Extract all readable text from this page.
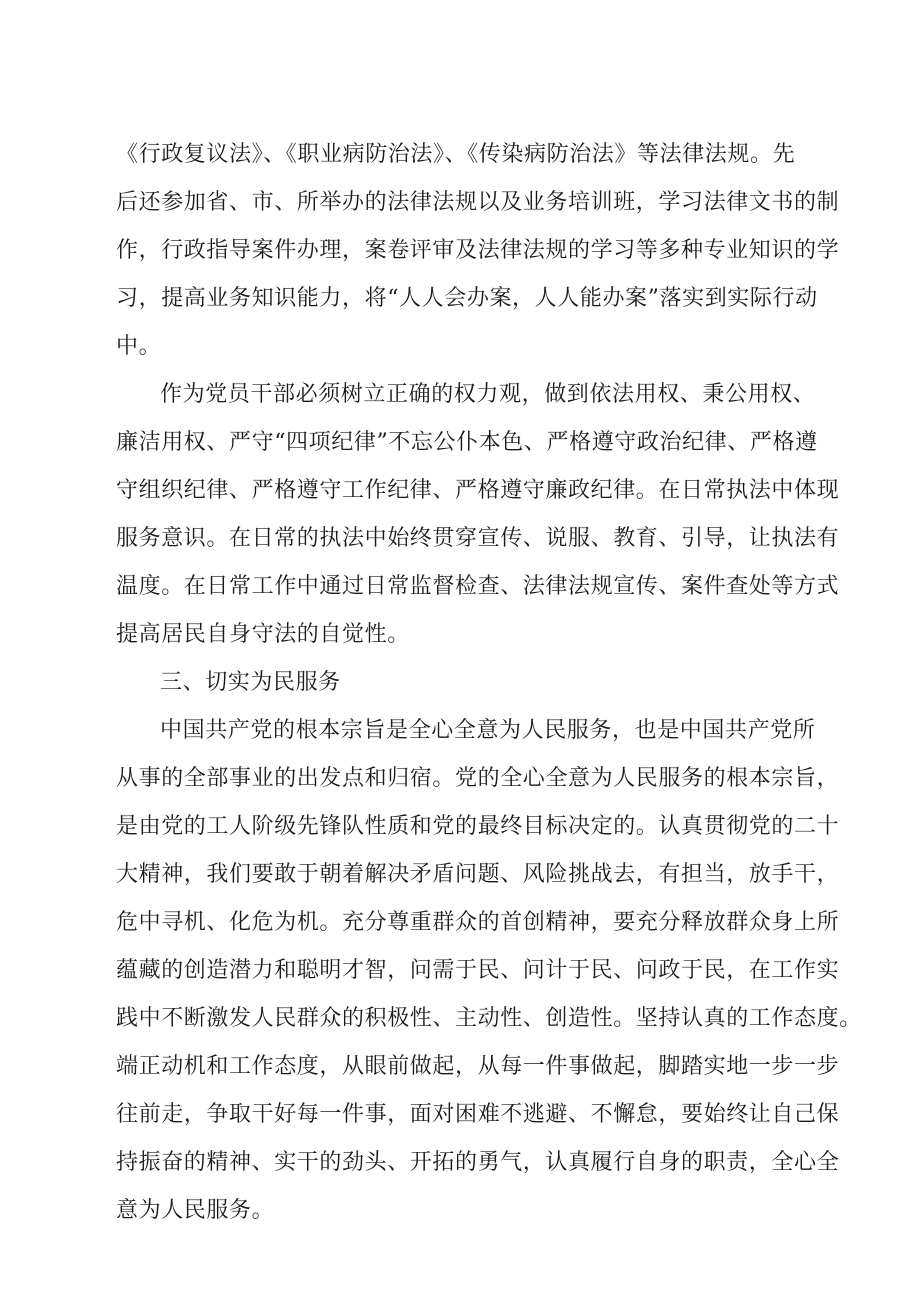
《行政复议法》、《职业病防治法》、《传染病防治法》等法律法规。先
后还参加省、市、所举办的法律法规以及业务培训班，学习法律文书的制
作，行政指导案件办理，案卷评审及法律法规的学习等多种专业知识的学
习，提高业务知识能力，将“人人会办案，人人能办案”落实到实际行动
中。
作为党员干部必须树立正确的权力观，做到依法用权、秉公用权、
廉洁用权、严守“四项纪律”不忘公仆本色、严格遵守政治纪律、严格遵
守组织纪律、严格遵守工作纪律、严格遵守廉政纪律。在日常执法中体现
服务意识。在日常的执法中始终贯穿宣传、说服、教育、引导，让执法有
温度。在日常工作中通过日常监督检查、法律法规宣传、案件查处等方式
提高居民自身守法的自觉性。
三、切实为民服务
中国共产党的根本宗旨是全心全意为人民服务，也是中国共产党所
从事的全部事业的出发点和归宿。党的全心全意为人民服务的根本宗旨，
是由党的工人阶级先锋队性质和党的最终目标决定的。认真贯彻党的二十
大精神，我们要敢于朝着解决矛盾问题、风险挑战去，有担当，放手干，
危中寻机、化危为机。充分尊重群众的首创精神，要充分释放群众身上所
蕴藏的创造潜力和聪明才智，问需于民、问计于民、问政于民，在工作实
践中不断激发人民群众的积极性、主动性、创造性。坚持认真的工作态度。
端正动机和工作态度，从眼前做起，从每一件事做起，脚踏实地一步一步
往前走，争取干好每一件事，面对困难不逃避、不懈怠，要始终让自己保
持振奋的精神、实干的劲头、开拓的勇气，认真履行自身的职责，全心全
意为人民服务。
